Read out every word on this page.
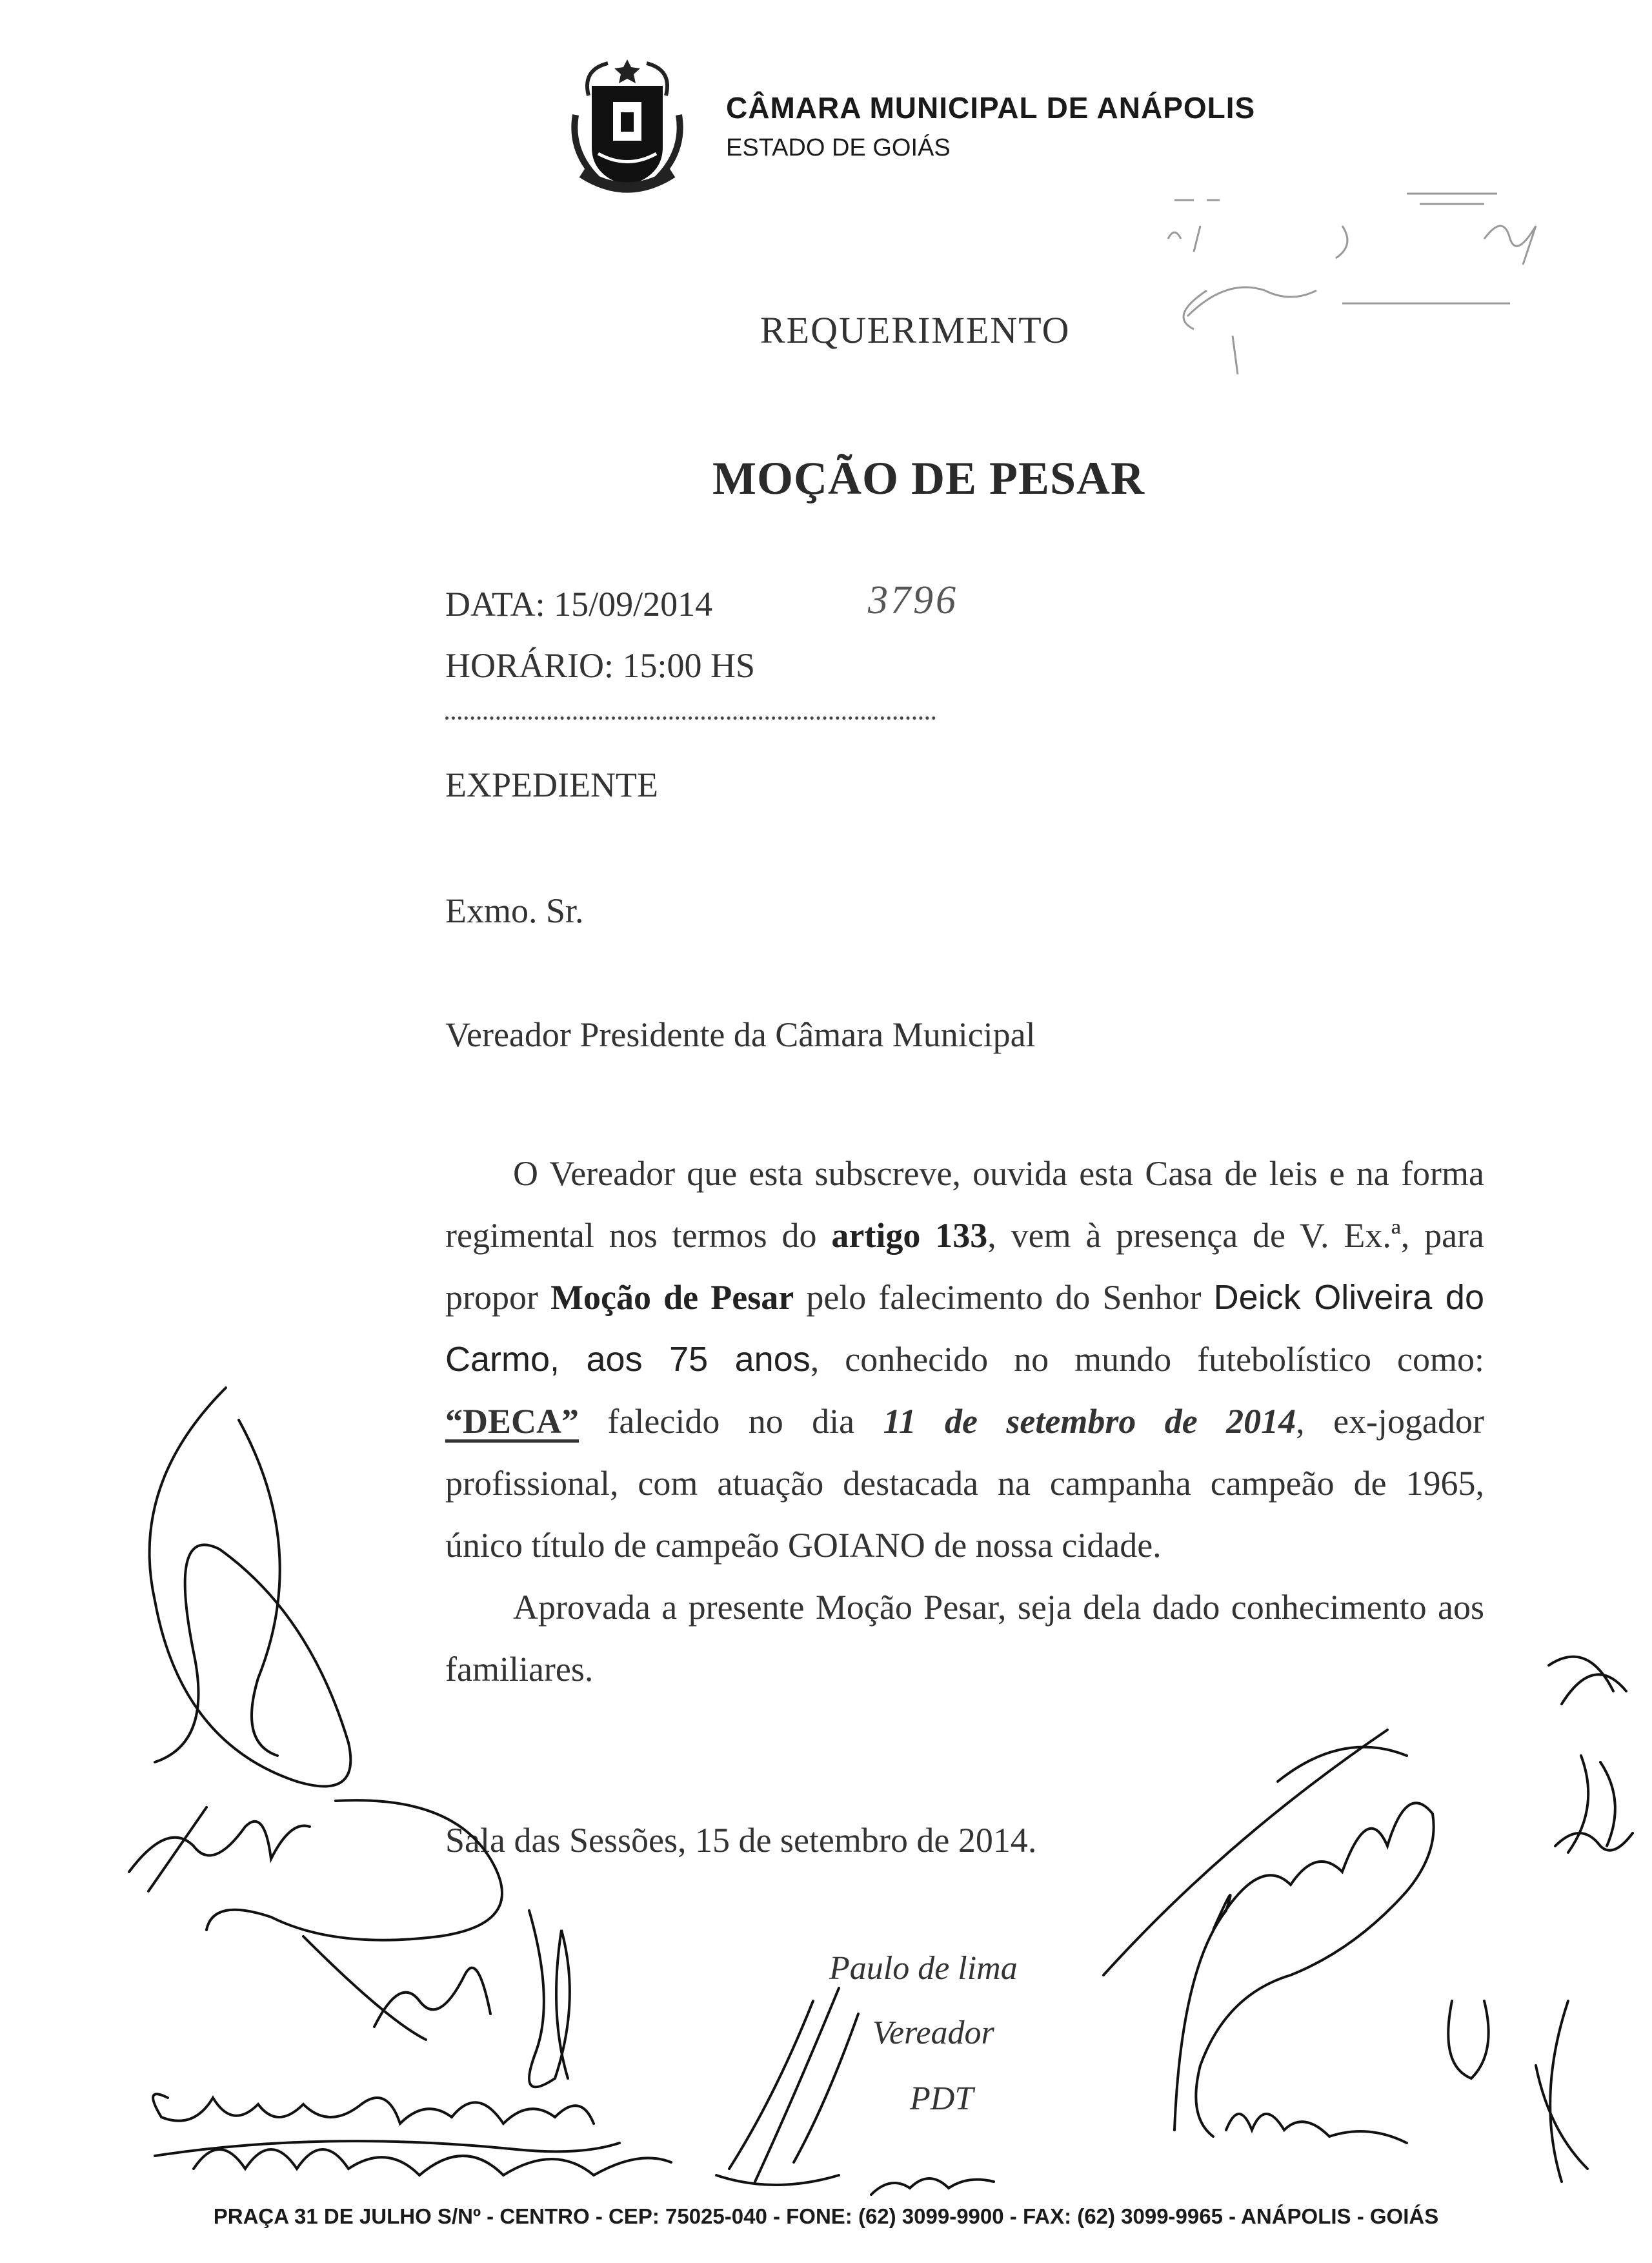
CÂMARA MUNICIPAL DE ANÁPOLIS
ESTADO DE GOIÁS
REQUERIMENTO
MOÇÃO DE PESAR
DATA: 15/09/2014	3796
HORÁRIO: 15:00 HS
EXPEDIENTE
Exmo. Sr.
Vereador Presidente da Câmara Municipal

O Vereador que esta subscreve, ouvida esta Casa de leis e na forma regimental nos termos do artigo 133, vem à presença de V. Ex.ª, para propor Moção de Pesar pelo falecimento do Senhor Deick Oliveira do Carmo, aos 75 anos, conhecido no mundo futebolístico como: “DECA” falecido no dia 11 de setembro de 2014, ex-jogador profissional, com atuação destacada na campanha campeão de 1965, único título de campeão GOIANO de nossa cidade.

Aprovada a presente Moção Pesar, seja dela dado conhecimento aos familiares.

Sala das Sessões, 15 de setembro de 2014.
Paulo de lima
Vereador
PDT
PRAÇA 31 DE JULHO S/Nº - CENTRO - CEP: 75025-040 - FONE: (62) 3099-9900 - FAX: (62) 3099-9965 - ANÁPOLIS - GOIÁS
